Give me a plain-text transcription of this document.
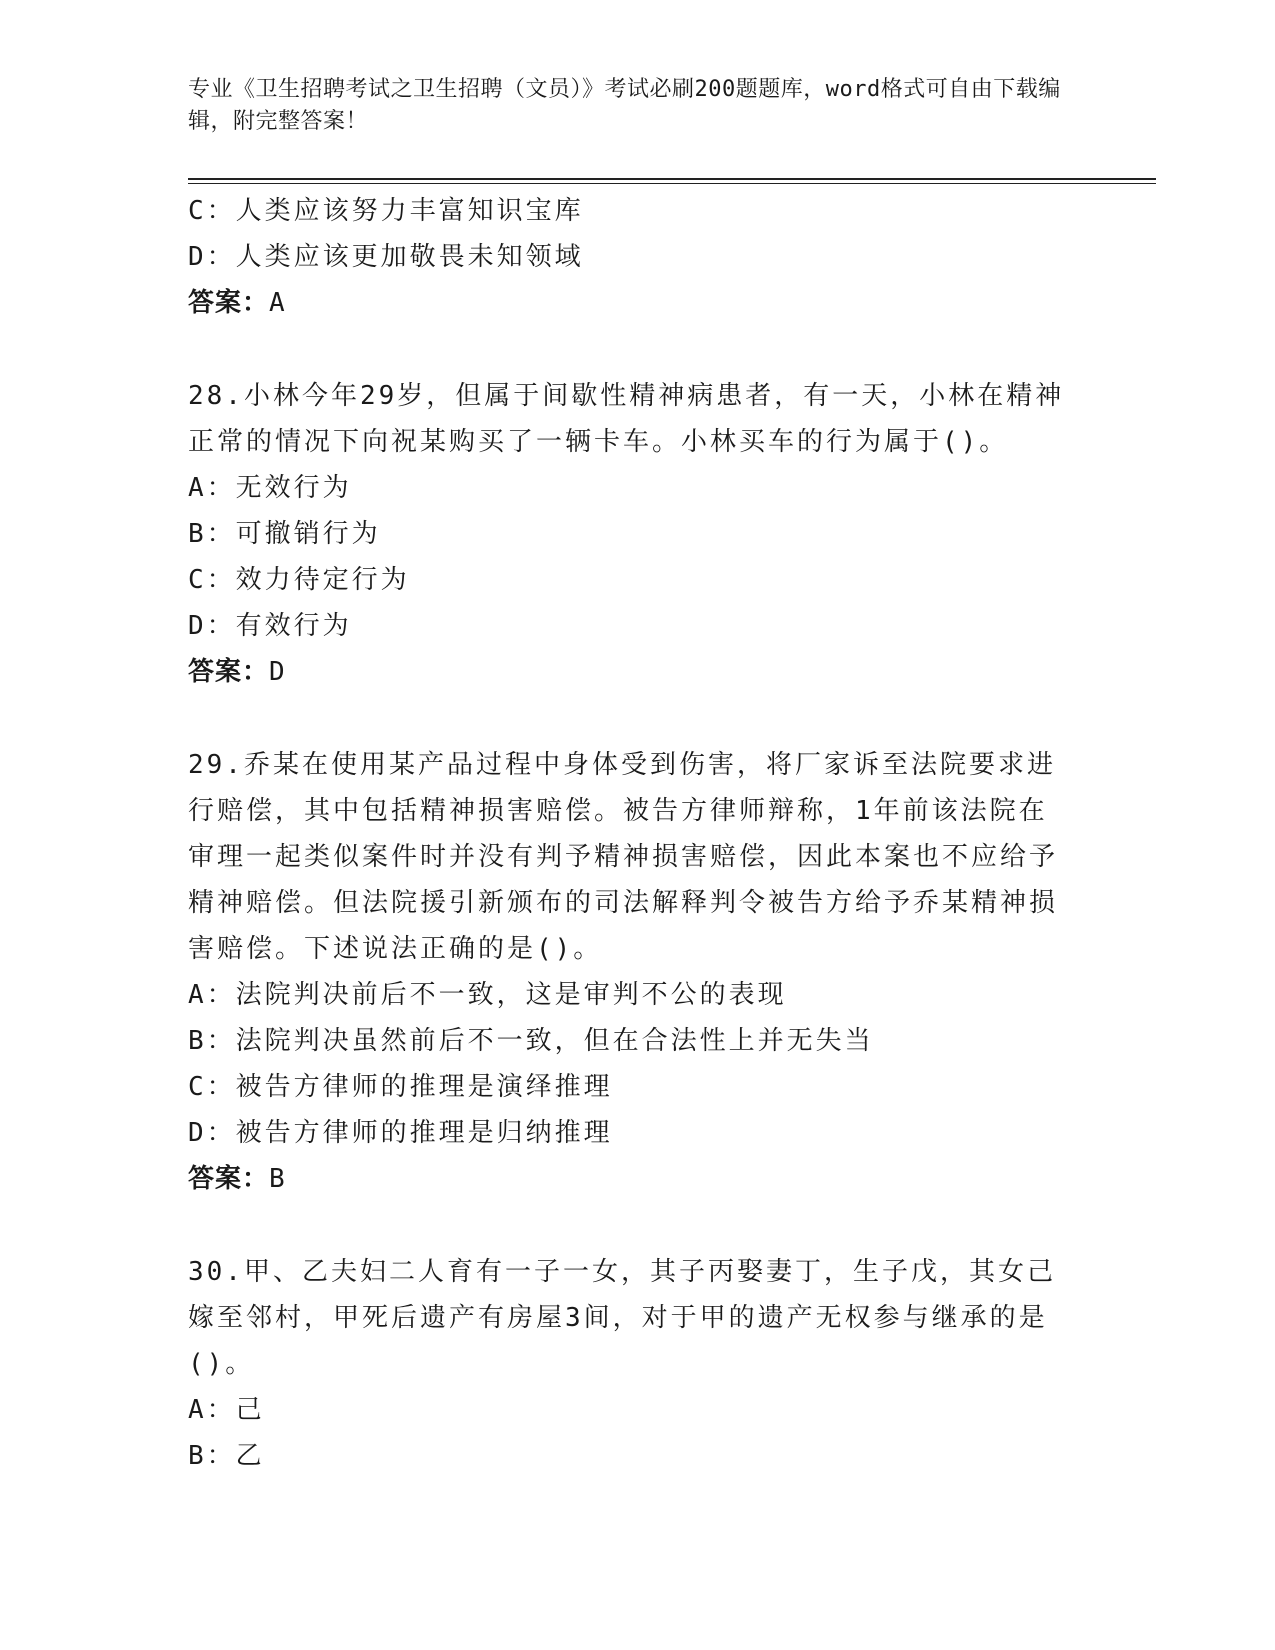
专业《卫生招聘考试之卫生招聘（文员）》考试必刷200题题库，word格式可自由下载编辑，附完整答案！
C：人类应该努力丰富知识宝库
D：人类应该更加敬畏未知领域
答案：A
28.小林今年29岁，但属于间歇性精神病患者，有一天，小林在精神正常的情况下向祝某购买了一辆卡车。小林买车的行为属于()。
A：无效行为
B：可撤销行为
C：效力待定行为
D：有效行为
答案：D
29.乔某在使用某产品过程中身体受到伤害，将厂家诉至法院要求进行赔偿，其中包括精神损害赔偿。被告方律师辩称，1年前该法院在审理一起类似案件时并没有判予精神损害赔偿，因此本案也不应给予精神赔偿。但法院援引新颁布的司法解释判令被告方给予乔某精神损害赔偿。下述说法正确的是()。
A：法院判决前后不一致，这是审判不公的表现
B：法院判决虽然前后不一致，但在合法性上并无失当
C：被告方律师的推理是演绎推理
D：被告方律师的推理是归纳推理
答案：B
30.甲、乙夫妇二人育有一子一女，其子丙娶妻丁，生子戊，其女己嫁至邻村，甲死后遗产有房屋3间，对于甲的遗产无权参与继承的是()。
A：己
B：乙
